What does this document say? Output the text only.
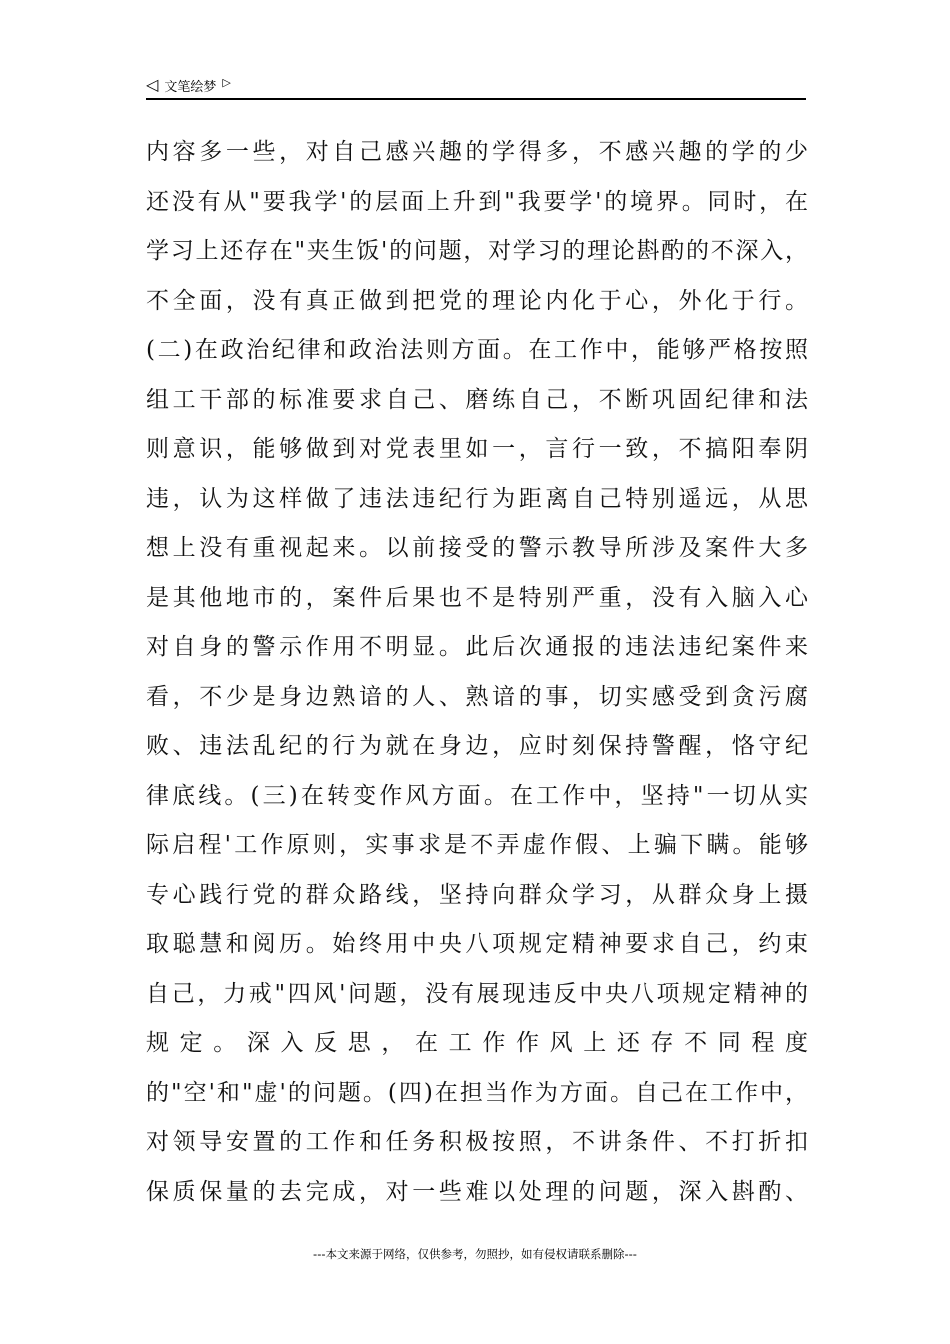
◁ 文笔绘梦 ▷
内容多一些，对自己感兴趣的学得多，不感兴趣的学的少
还没有从"要我学'的层面上升到"我要学'的境界。同时，在
学习上还存在"夹生饭'的问题，对学习的理论斟酌的不深入，
不全面，没有真正做到把党的理论内化于心，外化于行。
(二)在政治纪律和政治法则方面。在工作中，能够严格按照
组工干部的标准要求自己、磨练自己，不断巩固纪律和法
则意识，能够做到对党表里如一，言行一致，不搞阳奉阴
违，认为这样做了违法违纪行为距离自己特别遥远，从思
想上没有重视起来。以前接受的警示教导所涉及案件大多
是其他地市的，案件后果也不是特别严重，没有入脑入心
对自身的警示作用不明显。此后次通报的违法违纪案件来
看，不少是身边熟谙的人、熟谙的事，切实感受到贪污腐
败、违法乱纪的行为就在身边，应时刻保持警醒，恪守纪
律底线。(三)在转变作风方面。在工作中，坚持"一切从实
际启程'工作原则，实事求是不弄虚作假、上骗下瞒。能够
专心践行党的群众路线，坚持向群众学习，从群众身上摄
取聪慧和阅历。始终用中央八项规定精神要求自己，约束
自己，力戒"四风'问题，没有展现违反中央八项规定精神的
规定。深入反思，在工作作风上还存不同程度
的"空'和"虚'的问题。(四)在担当作为方面。自己在工作中，
对领导安置的工作和任务积极按照，不讲条件、不打折扣
保质保量的去完成，对一些难以处理的问题，深入斟酌、
---本文来源于网络，仅供参考，勿照抄，如有侵权请联系删除---
